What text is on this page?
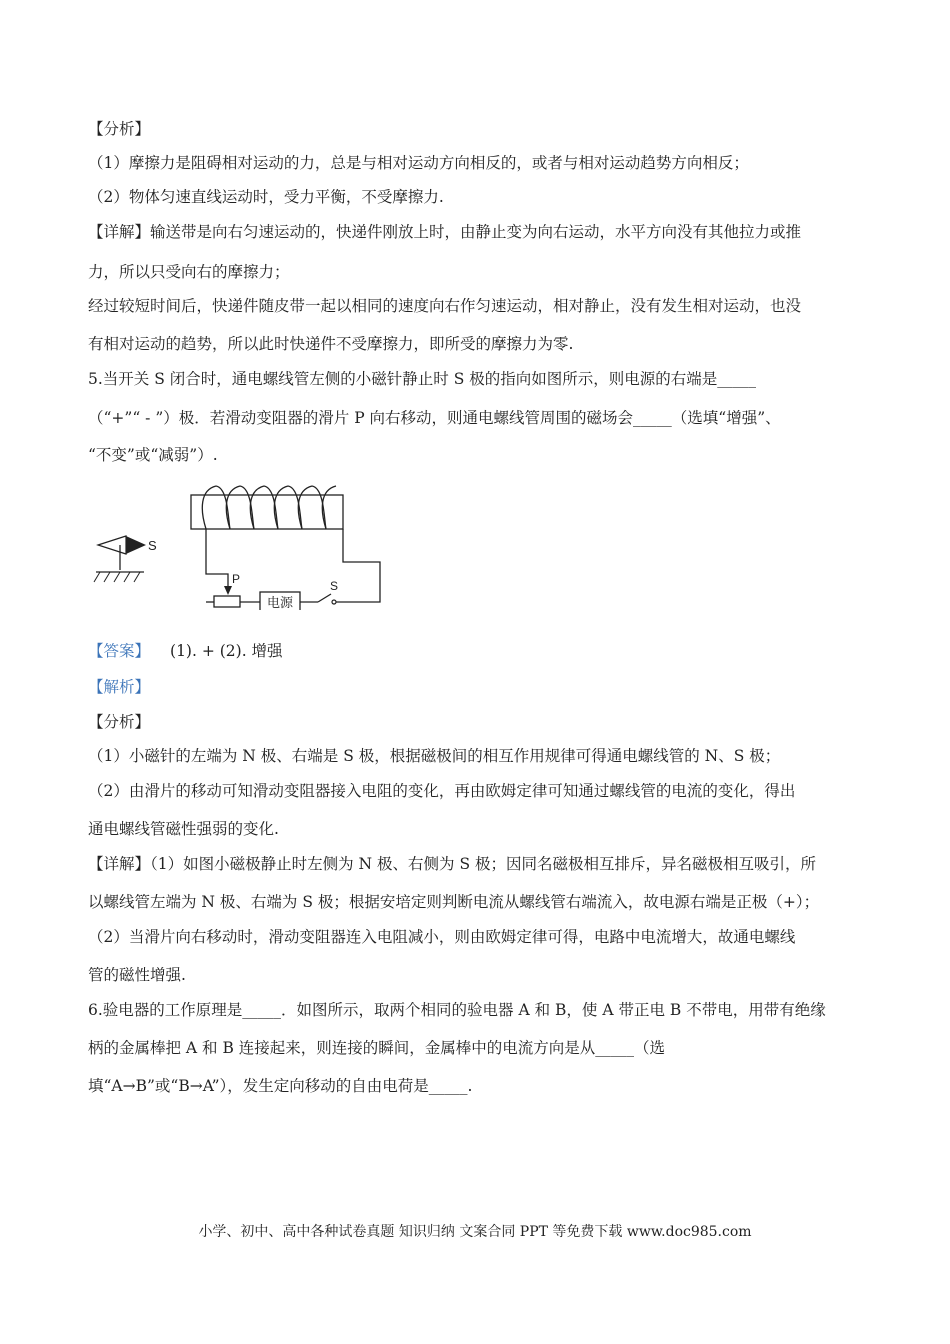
【分析】
（1）摩擦力是阻碍相对运动的力，总是与相对运动方向相反的，或者与相对运动趋势方向相反；
（2）物体匀速直线运动时，受力平衡，不受摩擦力.
【详解】输送带是向右匀速运动的，快递件刚放上时，由静止变为向右运动，水平方向没有其他拉力或推
力，所以只受向右的摩擦力；
经过较短时间后，快递件随皮带一起以相同的速度向右作匀速运动，相对静止，没有发生相对运动，也没
有相对运动的趋势，所以此时快递件不受摩擦力，即所受的摩擦力为零.
5.当开关 S 闭合时，通电螺线管左侧的小磁针静止时 S 极的指向如图所示，则电源的右端是_____
（“+”“ - ”）极．若滑动变阻器的滑片 P 向右移动，则通电螺线管周围的磁场会_____（选填“增强”、
“不变”或“减弱”）.
S
P
电源
S
【答案】 (1). + (2). 增强
【解析】
【分析】
（1）小磁针的左端为 N 极、右端是 S 极，根据磁极间的相互作用规律可得通电螺线管的 N、S 极；
（2）由滑片的移动可知滑动变阻器接入电阻的变化，再由欧姆定律可知通过螺线管的电流的变化，得出
通电螺线管磁性强弱的变化.
【详解】（1）如图小磁极静止时左侧为 N 极、右侧为 S 极；因同名磁极相互排斥，异名磁极相互吸引，所
以螺线管左端为 N 极、右端为 S 极；根据安培定则判断电流从螺线管右端流入，故电源右端是正极（+）；
（2）当滑片向右移动时，滑动变阻器连入电阻减小，则由欧姆定律可得，电路中电流增大，故通电螺线
管的磁性增强.
6.验电器的工作原理是_____．如图所示，取两个相同的验电器 A 和 B，使 A 带正电 B 不带电，用带有绝缘
柄的金属棒把 A 和 B 连接起来，则连接的瞬间，金属棒中的电流方向是从_____（选
填“A→B”或“B→A”），发生定向移动的自由电荷是_____.
小学、初中、高中各种试卷真题 知识归纳 文案合同 PPT 等免费下载 www.doc985.com
